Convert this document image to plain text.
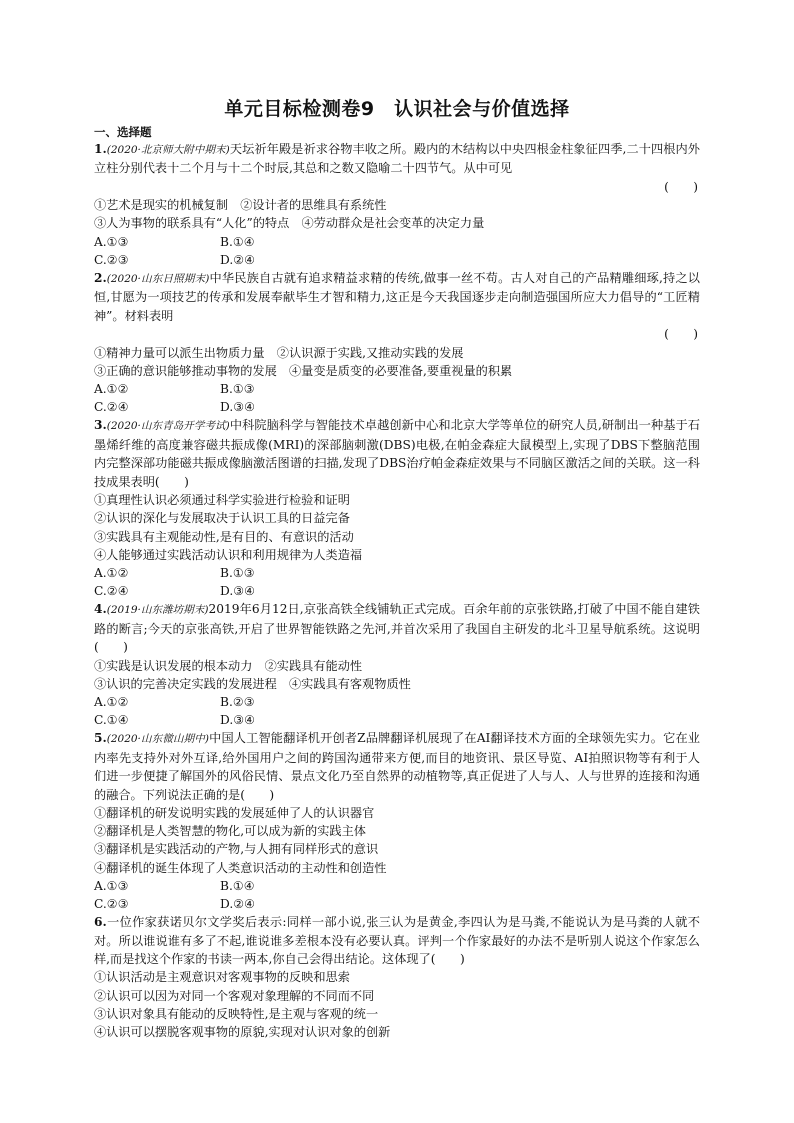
单元目标检测卷9　认识社会与价值选择
一、选择题
1.(2020·北京师大附中期末)天坛祈年殿是祈求谷物丰收之所。殿内的木结构以中央四根金柱象征四季,二十四根内外立柱分别代表十二个月与十二个时辰,其总和之数又隐喻二十四节气。从中可见
(　　)
①艺术是现实的机械复制　②设计者的思维具有系统性
③人为事物的联系具有“人化”的特点　④劳动群众是社会变革的决定力量
A.①③	B.①④
C.②③	D.②④
2.(2020·山东日照期末)中华民族自古就有追求精益求精的传统,做事一丝不苟。古人对自己的产品精雕细琢,持之以恒,甘愿为一项技艺的传承和发展奉献毕生才智和精力,这正是今天我国逐步走向制造强国所应大力倡导的“工匠精神”。材料表明
(　　)
①精神力量可以派生出物质力量　②认识源于实践,又推动实践的发展
③正确的意识能够推动事物的发展　④量变是质变的必要准备,要重视量的积累
A.①②	B.①③
C.②④	D.③④
3.(2020·山东青岛开学考试)中科院脑科学与智能技术卓越创新中心和北京大学等单位的研究人员,研制出一种基于石墨烯纤维的高度兼容磁共振成像(MRI)的深部脑刺激(DBS)电极,在帕金森症大鼠模型上,实现了DBS下整脑范围内完整深部功能磁共振成像脑激活图谱的扫描,发现了DBS治疗帕金森症效果与不同脑区激活之间的关联。这一科技成果表明(　　)
①真理性认识必须通过科学实验进行检验和证明
②认识的深化与发展取决于认识工具的日益完备
③实践具有主观能动性,是有目的、有意识的活动
④人能够通过实践活动认识和利用规律为人类造福
A.①②	B.①③
C.②④	D.③④
4.(2019·山东潍坊期末)2019年6月12日,京张高铁全线铺轨正式完成。百余年前的京张铁路,打破了中国不能自建铁路的断言;今天的京张高铁,开启了世界智能铁路之先河,并首次采用了我国自主研发的北斗卫星导航系统。这说明(　　)
①实践是认识发展的根本动力　②实践具有能动性
③认识的完善决定实践的发展进程　④实践具有客观物质性
A.①②	B.②③
C.①④	D.③④
5.(2020·山东微山期中)中国人工智能翻译机开创者Z品牌翻译机展现了在AI翻译技术方面的全球领先实力。它在业内率先支持外对外互译,给外国用户之间的跨国沟通带来方便,而目的地资讯、景区导览、AI拍照识物等有利于人们进一步便捷了解国外的风俗民情、景点文化乃至自然界的动植物等,真正促进了人与人、人与世界的连接和沟通的融合。下列说法正确的是(　　)
①翻译机的研发说明实践的发展延伸了人的认识器官
②翻译机是人类智慧的物化,可以成为新的实践主体
③翻译机是实践活动的产物,与人拥有同样形式的意识
④翻译机的诞生体现了人类意识活动的主动性和创造性
A.①③	B.①④
C.②③	D.②④
6.一位作家获诺贝尔文学奖后表示:同样一部小说,张三认为是黄金,李四认为是马粪,不能说认为是马粪的人就不对。所以谁说谁有多了不起,谁说谁多差根本没有必要认真。评判一个作家最好的办法不是听别人说这个作家怎么样,而是找这个作家的书读一两本,你自己会得出结论。这体现了(　　)
①认识活动是主观意识对客观事物的反映和思索
②认识可以因为对同一个客观对象理解的不同而不同
③认识对象具有能动的反映特性,是主观与客观的统一
④认识可以摆脱客观事物的原貌,实现对认识对象的创新
